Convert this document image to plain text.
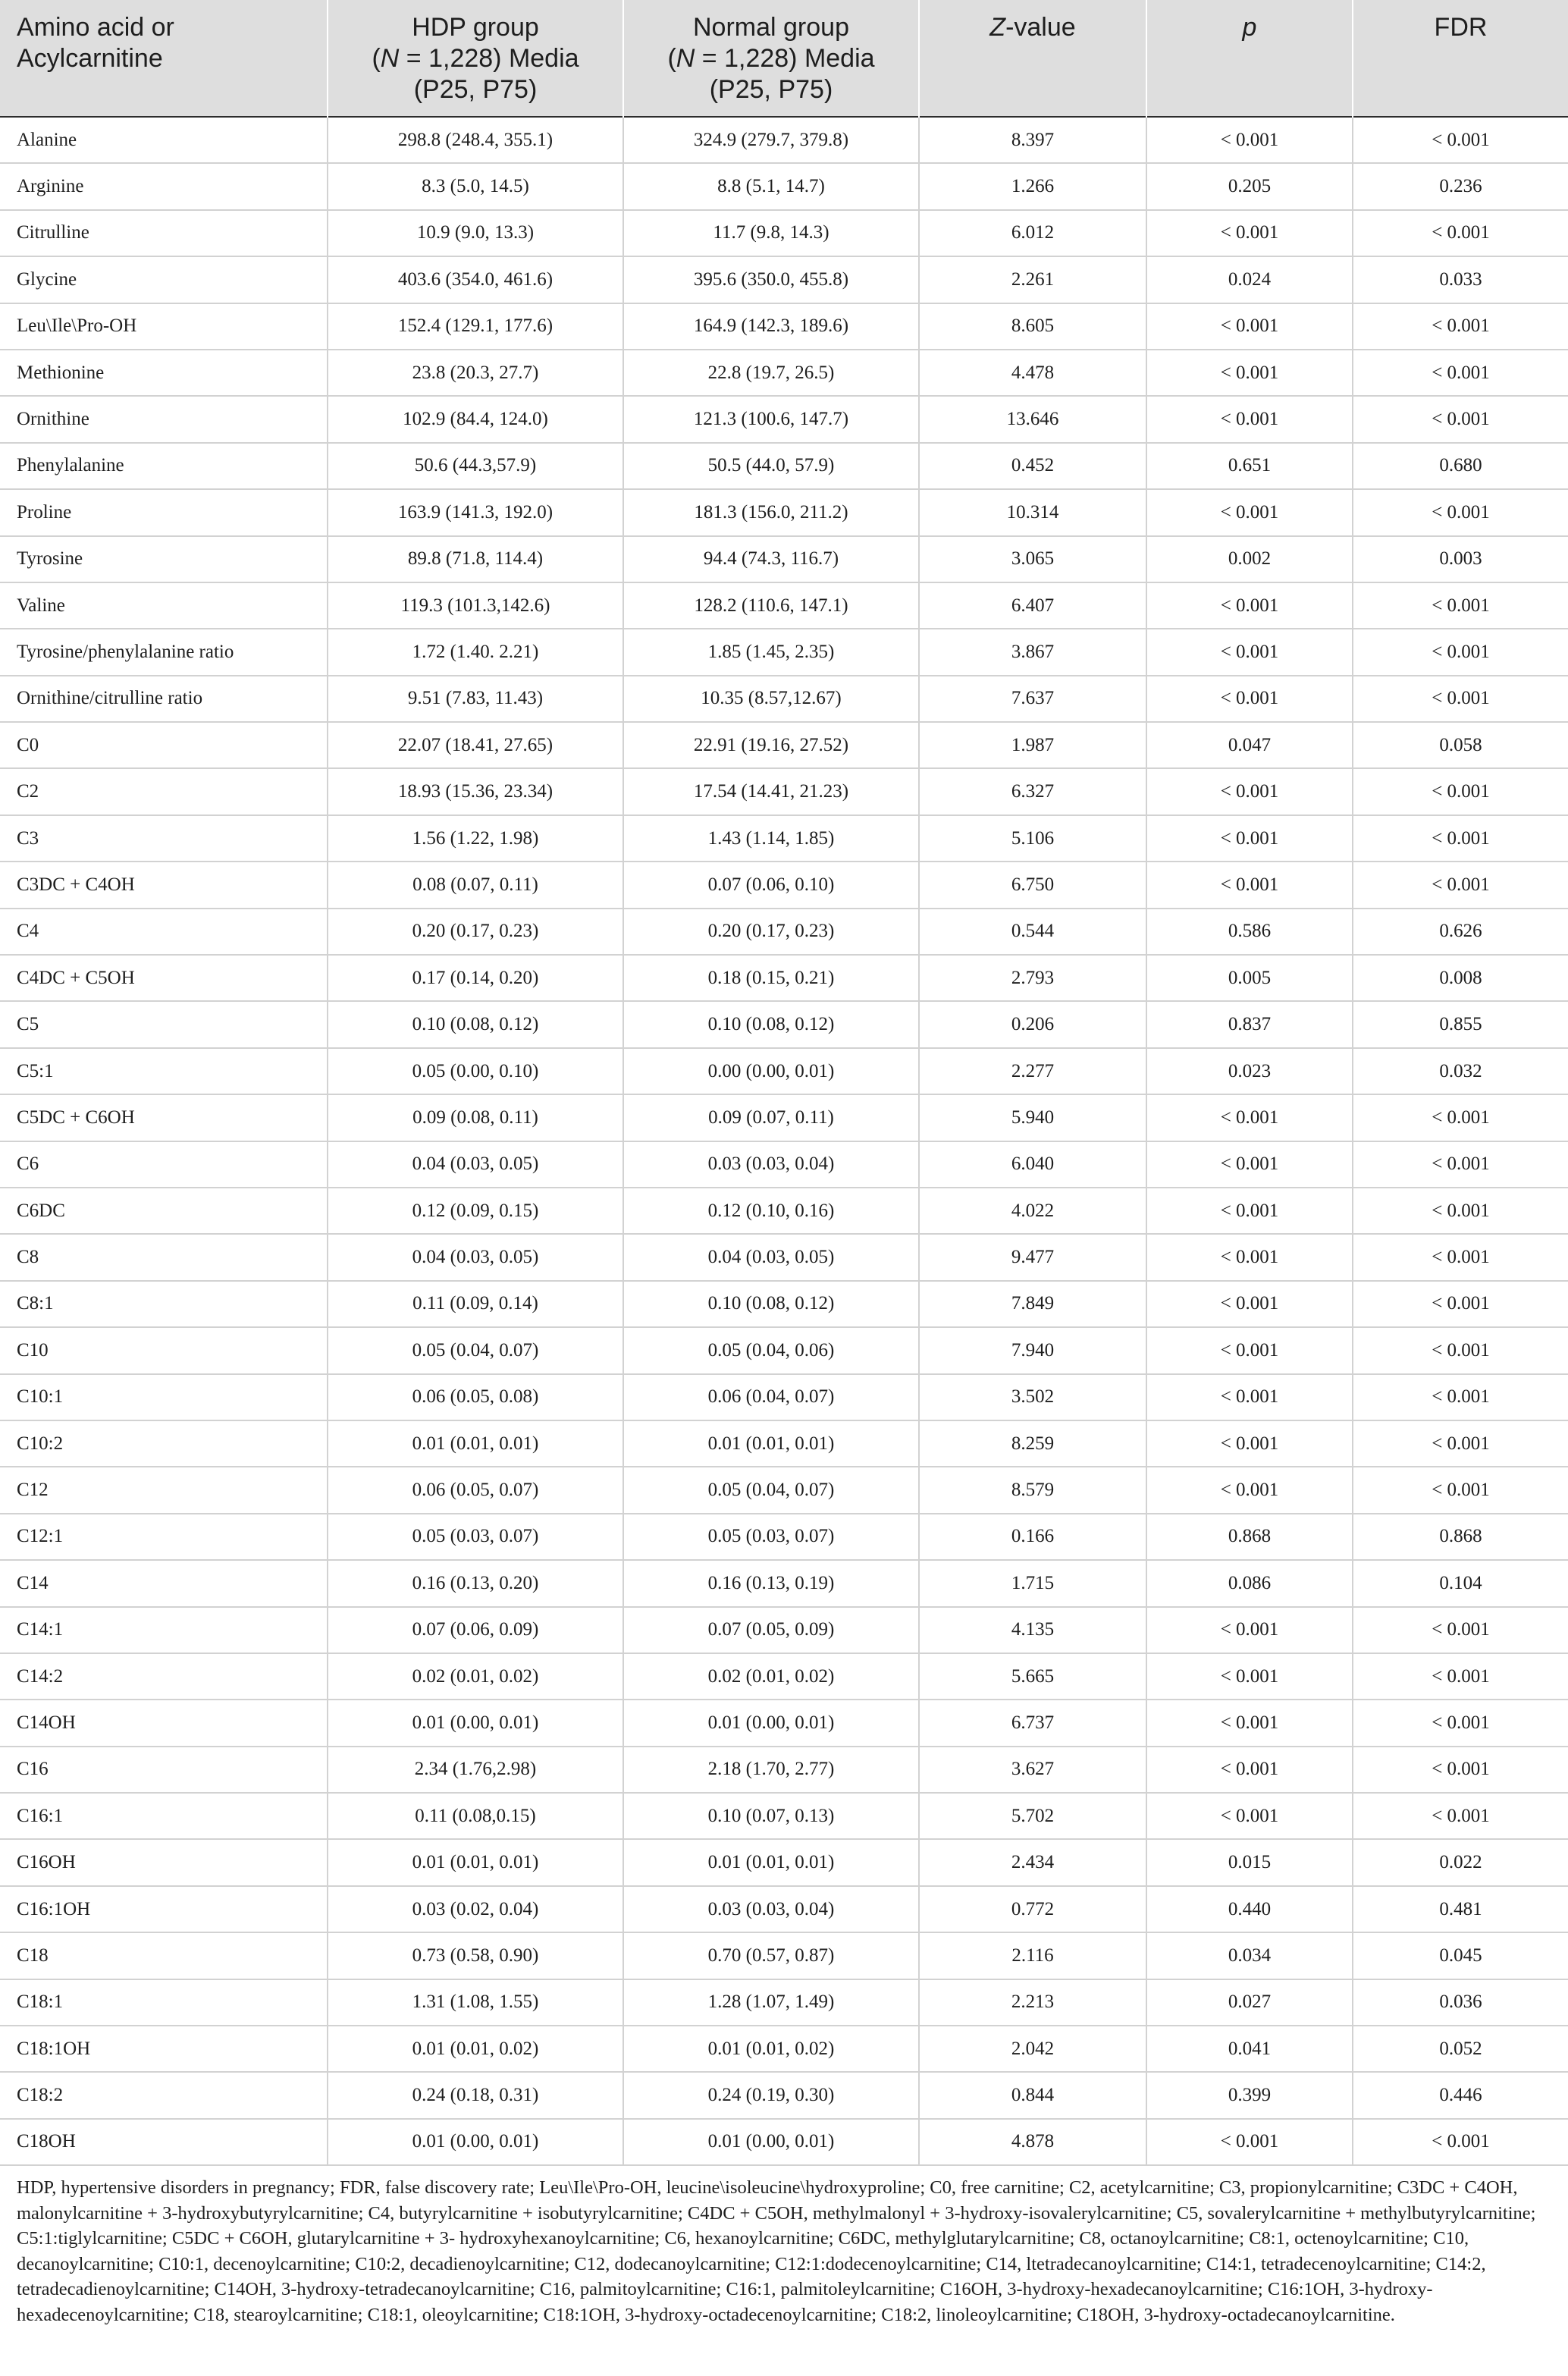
Amino acid or Acylcarnitine	HDP group
(N = 1,228) Media
(P25, P75)	Normal group
(N = 1,228) Media
(P25, P75)	Z-value	p	FDR
Alanine	298.8 (248.4, 355.1)	324.9 (279.7, 379.8)	8.397	< 0.001	< 0.001
Arginine	8.3 (5.0, 14.5)	8.8 (5.1, 14.7)	1.266	0.205	0.236
Citrulline	10.9 (9.0, 13.3)	11.7 (9.8, 14.3)	6.012	< 0.001	< 0.001
Glycine	403.6 (354.0, 461.6)	395.6 (350.0, 455.8)	2.261	0.024	0.033
Leu\Ile\Pro-OH	152.4 (129.1, 177.6)	164.9 (142.3, 189.6)	8.605	< 0.001	< 0.001
Methionine	23.8 (20.3, 27.7)	22.8 (19.7, 26.5)	4.478	< 0.001	< 0.001
Ornithine	102.9 (84.4, 124.0)	121.3 (100.6, 147.7)	13.646	< 0.001	< 0.001
Phenylalanine	50.6 (44.3,57.9)	50.5 (44.0, 57.9)	0.452	0.651	0.680
Proline	163.9 (141.3, 192.0)	181.3 (156.0, 211.2)	10.314	< 0.001	< 0.001
Tyrosine	89.8 (71.8, 114.4)	94.4 (74.3, 116.7)	3.065	0.002	0.003
Valine	119.3 (101.3,142.6)	128.2 (110.6, 147.1)	6.407	< 0.001	< 0.001
Tyrosine/phenylalanine ratio	1.72 (1.40. 2.21)	1.85 (1.45, 2.35)	3.867	< 0.001	< 0.001
Ornithine/citrulline ratio	9.51 (7.83, 11.43)	10.35 (8.57,12.67)	7.637	< 0.001	< 0.001
C0	22.07 (18.41, 27.65)	22.91 (19.16, 27.52)	1.987	0.047	0.058
C2	18.93 (15.36, 23.34)	17.54 (14.41, 21.23)	6.327	< 0.001	< 0.001
C3	1.56 (1.22, 1.98)	1.43 (1.14, 1.85)	5.106	< 0.001	< 0.001
C3DC + C4OH	0.08 (0.07, 0.11)	0.07 (0.06, 0.10)	6.750	< 0.001	< 0.001
C4	0.20 (0.17, 0.23)	0.20 (0.17, 0.23)	0.544	0.586	0.626
C4DC + C5OH	0.17 (0.14, 0.20)	0.18 (0.15, 0.21)	2.793	0.005	0.008
C5	0.10 (0.08, 0.12)	0.10 (0.08, 0.12)	0.206	0.837	0.855
C5:1	0.05 (0.00, 0.10)	0.00 (0.00, 0.01)	2.277	0.023	0.032
C5DC + C6OH	0.09 (0.08, 0.11)	0.09 (0.07, 0.11)	5.940	< 0.001	< 0.001
C6	0.04 (0.03, 0.05)	0.03 (0.03, 0.04)	6.040	< 0.001	< 0.001
C6DC	0.12 (0.09, 0.15)	0.12 (0.10, 0.16)	4.022	< 0.001	< 0.001
C8	0.04 (0.03, 0.05)	0.04 (0.03, 0.05)	9.477	< 0.001	< 0.001
C8:1	0.11 (0.09, 0.14)	0.10 (0.08, 0.12)	7.849	< 0.001	< 0.001
C10	0.05 (0.04, 0.07)	0.05 (0.04, 0.06)	7.940	< 0.001	< 0.001
C10:1	0.06 (0.05, 0.08)	0.06 (0.04, 0.07)	3.502	< 0.001	< 0.001
C10:2	0.01 (0.01, 0.01)	0.01 (0.01, 0.01)	8.259	< 0.001	< 0.001
C12	0.06 (0.05, 0.07)	0.05 (0.04, 0.07)	8.579	< 0.001	< 0.001
C12:1	0.05 (0.03, 0.07)	0.05 (0.03, 0.07)	0.166	0.868	0.868
C14	0.16 (0.13, 0.20)	0.16 (0.13, 0.19)	1.715	0.086	0.104
C14:1	0.07 (0.06, 0.09)	0.07 (0.05, 0.09)	4.135	< 0.001	< 0.001
C14:2	0.02 (0.01, 0.02)	0.02 (0.01, 0.02)	5.665	< 0.001	< 0.001
C14OH	0.01 (0.00, 0.01)	0.01 (0.00, 0.01)	6.737	< 0.001	< 0.001
C16	2.34 (1.76,2.98)	2.18 (1.70, 2.77)	3.627	< 0.001	< 0.001
C16:1	0.11 (0.08,0.15)	0.10 (0.07, 0.13)	5.702	< 0.001	< 0.001
C16OH	0.01 (0.01, 0.01)	0.01 (0.01, 0.01)	2.434	0.015	0.022
C16:1OH	0.03 (0.02, 0.04)	0.03 (0.03, 0.04)	0.772	0.440	0.481
C18	0.73 (0.58, 0.90)	0.70 (0.57, 0.87)	2.116	0.034	0.045
C18:1	1.31 (1.08, 1.55)	1.28 (1.07, 1.49)	2.213	0.027	0.036
C18:1OH	0.01 (0.01, 0.02)	0.01 (0.01, 0.02)	2.042	0.041	0.052
C18:2	0.24 (0.18, 0.31)	0.24 (0.19, 0.30)	0.844	0.399	0.446
C18OH	0.01 (0.00, 0.01)	0.01 (0.00, 0.01)	4.878	< 0.001	< 0.001
HDP, hypertensive disorders in pregnancy; FDR, false discovery rate; Leu\Ile\Pro-OH, leucine\isoleucine\hydroxyproline; C0, free carnitine; C2, acetylcarnitine; C3, propionylcarnitine; C3DC + C4OH, malonylcarnitine + 3-hydroxybutyrylcarnitine; C4, butyrylcarnitine + isobutyrylcarnitine; C4DC + C5OH, methylmalonyl + 3-hydroxy-isovalerylcarnitine; C5, sovalerylcarnitine + methylbutyrylcarnitine; C5:1:tiglylcarnitine; C5DC + C6OH, glutarylcarnitine + 3- hydroxyhexanoylcarnitine; C6, hexanoylcarnitine; C6DC, methylglutarylcarnitine; C8, octanoylcarnitine; C8:1, octenoylcarnitine; C10, decanoylcarnitine; C10:1, decenoylcarnitine; C10:2, decadienoylcarnitine; C12, dodecanoylcarnitine; C12:1:dodecenoylcarnitine; C14, ltetradecanoylcarnitine; C14:1, tetradecenoylcarnitine; C14:2, tetradecadienoylcarnitine; C14OH, 3-hydroxy-tetradecanoylcarnitine; C16, palmitoylcarnitine; C16:1, palmitoleylcarnitine; C16OH, 3-hydroxy-hexadecanoylcarnitine; C16:1OH, 3-hydroxy-hexadecenoylcarnitine; C18, stearoylcarnitine; C18:1, oleoylcarnitine; C18:1OH, 3-hydroxy-octadecenoylcarnitine; C18:2, linoleoylcarnitine; C18OH, 3-hydroxy-octadecanoylcarnitine.
